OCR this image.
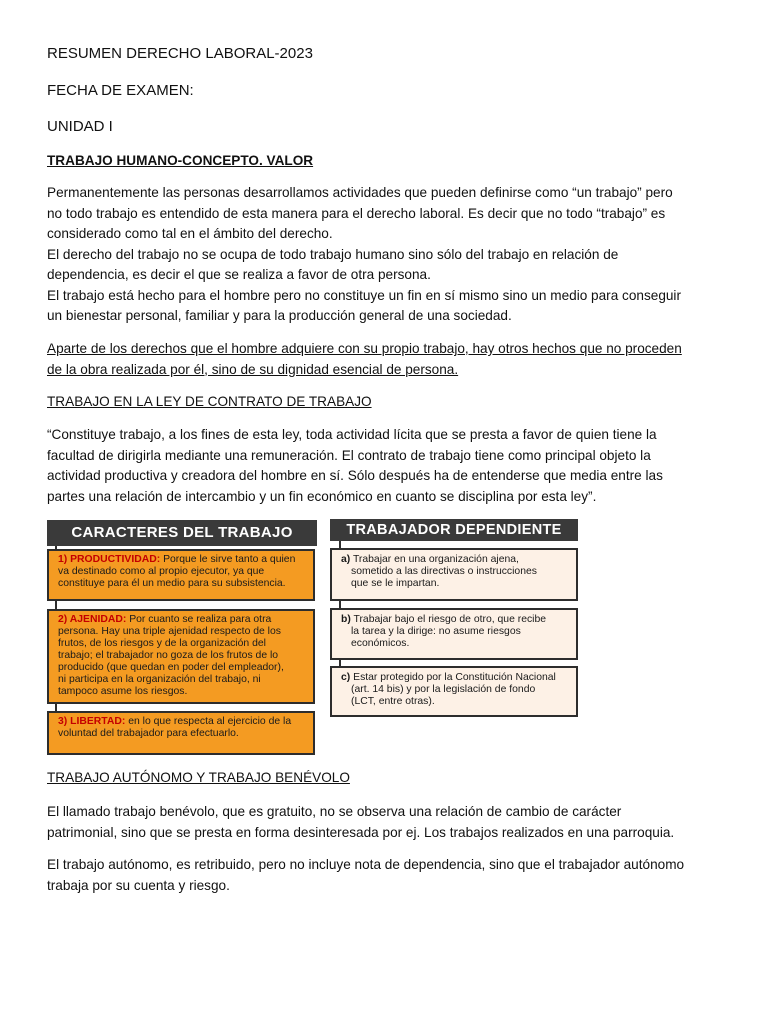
RESUMEN DERECHO LABORAL-2023
FECHA DE EXAMEN:
UNIDAD I
TRABAJO HUMANO-CONCEPTO. VALOR
Permanentemente las personas desarrollamos actividades que pueden definirse como “un trabajo” pero
no todo trabajo es entendido de esta manera para el derecho laboral. Es decir que no todo “trabajo” es
considerado como tal en el ámbito del derecho.
El derecho del trabajo no se ocupa de todo trabajo humano sino sólo del trabajo en relación de
dependencia, es decir el que se realiza a favor de otra persona.
El trabajo está hecho para el hombre pero no constituye un fin en sí mismo sino un medio para conseguir
un bienestar personal, familiar y para la producción general de una sociedad.
Aparte de los derechos que el hombre adquiere con su propio trabajo, hay otros hechos que no proceden
de la obra realizada por él, sino de su dignidad esencial de persona.
TRABAJO EN LA LEY DE CONTRATO DE TRABAJO
“Constituye trabajo, a los fines de esta ley, toda actividad lícita que se presta a favor de quien tiene la
facultad de dirigirla mediante una remuneración. El contrato de trabajo tiene como principal objeto la
actividad productiva y creadora del hombre en sí. Sólo después ha de entenderse que media entre las
partes una relación de intercambio y un fin económico en cuanto se disciplina por esta ley”.
CARACTERES DEL TRABAJO
1) PRODUCTIVIDAD: Porque le sirve tanto a quien
va destinado como al propio ejecutor, ya que
constituye para él un medio para su subsistencia.
2) AJENIDAD: Por cuanto se realiza para otra
persona. Hay una triple ajenidad respecto de los
frutos, de los riesgos y de la organización del
trabajo; el trabajador no goza de los frutos de lo
producido (que quedan en poder del empleador),
ni participa en la organización del trabajo, ni
tampoco asume los riesgos.
3) LIBERTAD: en lo que respecta al ejercicio de la
voluntad del trabajador para efectuarlo.
TRABAJADOR DEPENDIENTE
a) Trabajar en una organización ajena,
sometido a las directivas o instrucciones
que se le impartan.
b) Trabajar bajo el riesgo de otro, que recibe
la tarea y la dirige: no asume riesgos
económicos.
c) Estar protegido por la Constitución Nacional
(art. 14 bis) y por la legislación de fondo
(LCT, entre otras).
TRABAJO AUTÓNOMO Y TRABAJO BENÉVOLO
El llamado trabajo benévolo, que es gratuito, no se observa una relación de cambio de carácter
patrimonial, sino que se presta en forma desinteresada por ej. Los trabajos realizados en una parroquia.
El trabajo autónomo, es retribuido, pero no incluye nota de dependencia, sino que el trabajador autónomo
trabaja por su cuenta y riesgo.
